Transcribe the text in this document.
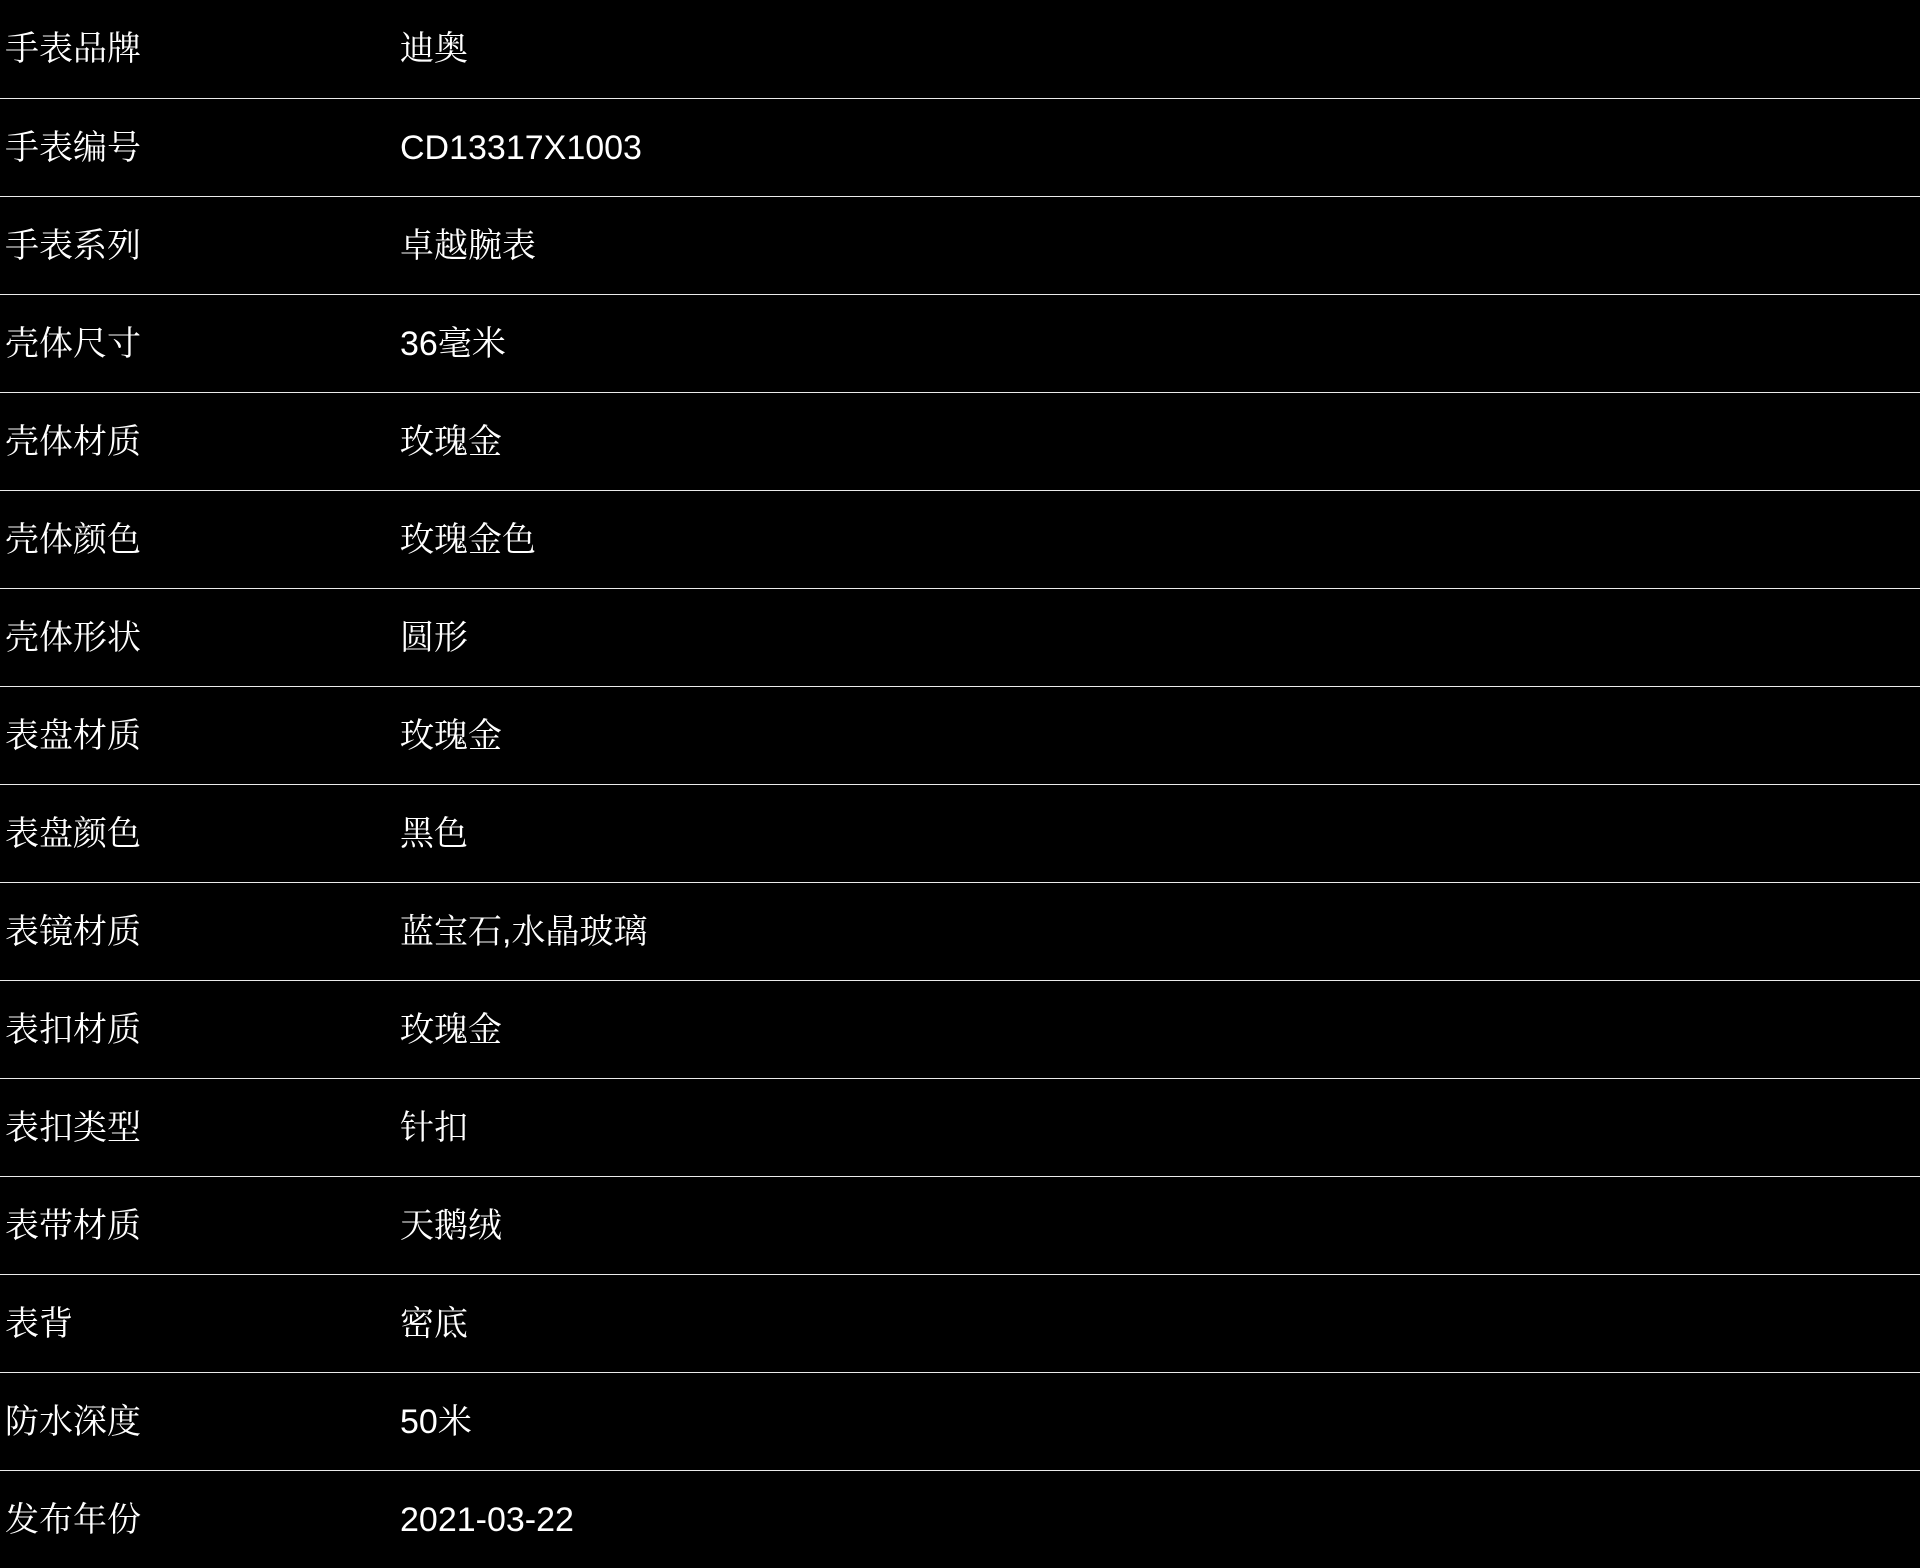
手表品牌	迪奥
手表编号	CD13317X1003
手表系列	卓越腕表
壳体尺寸	36毫米
壳体材质	玫瑰金
壳体颜色	玫瑰金色
壳体形状	圆形
表盘材质	玫瑰金
表盘颜色	黑色
表镜材质	蓝宝石,水晶玻璃
表扣材质	玫瑰金
表扣类型	针扣
表带材质	天鹅绒
表背	密底
防水深度	50米
发布年份	2021-03-22
